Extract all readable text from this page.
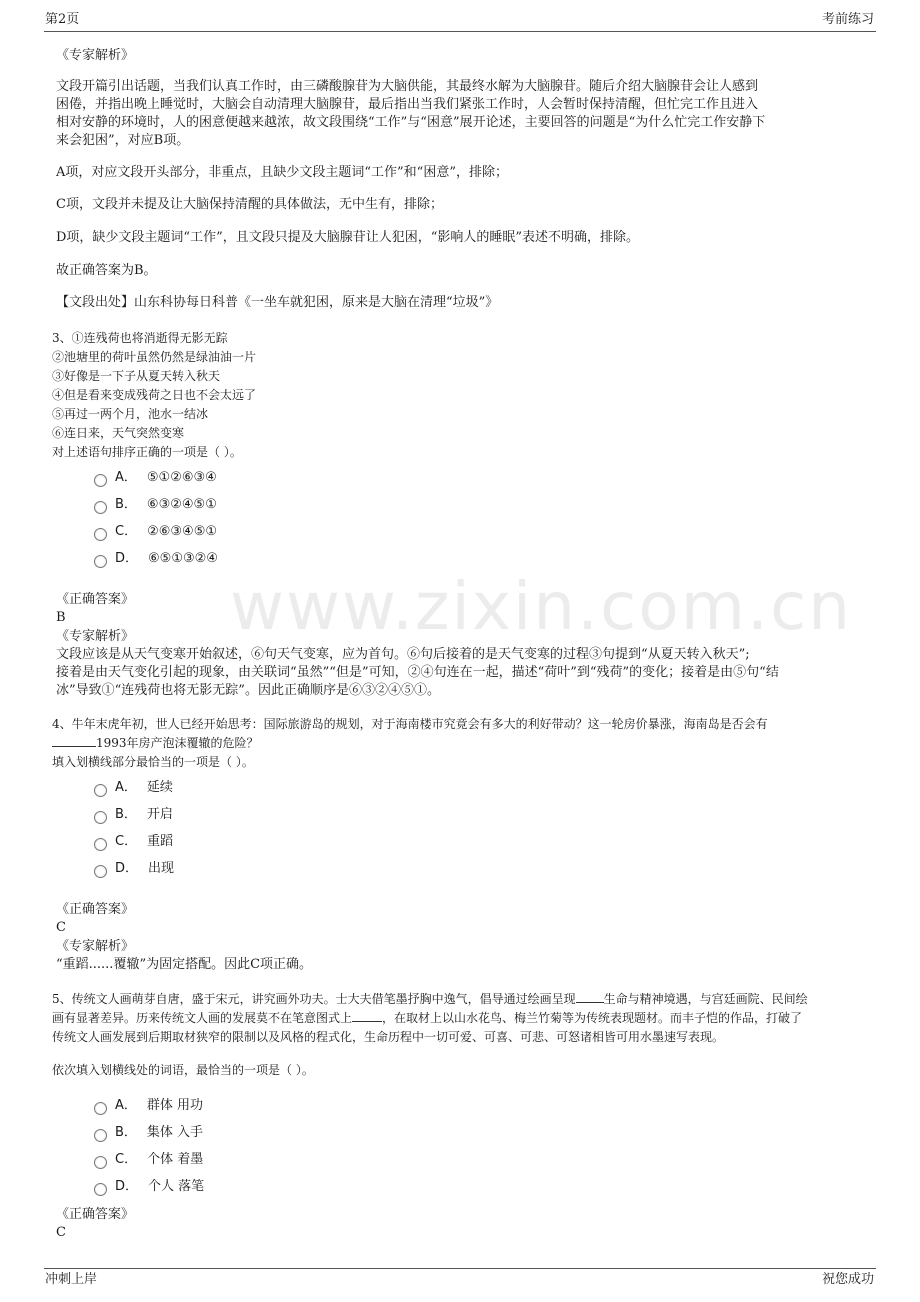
第2页	考前练习
www.zixin.com.cn
《专家解析》
文段开篇引出话题，当我们认真工作时，由三磷酸腺苷为大脑供能，其最终水解为大脑腺苷。随后介绍大脑腺苷会让人感到
困倦，并指出晚上睡觉时，大脑会自动清理大脑腺苷，最后指出当我们紧张工作时，人会暂时保持清醒，但忙完工作且进入
相对安静的环境时，人的困意便越来越浓，故文段围绕“工作”与“困意”展开论述，主要回答的问题是“为什么忙完工作安静下
来会犯困”，对应B项。
A项，对应文段开头部分，非重点，且缺少文段主题词“工作”和“困意”，排除；
C项，文段并未提及让大脑保持清醒的具体做法，无中生有，排除；
D项，缺少文段主题词“工作”，且文段只提及大脑腺苷让人犯困，“影响人的睡眠”表述不明确，排除。
故正确答案为B。
【文段出处】山东科协每日科普《一坐车就犯困，原来是大脑在清理“垃圾”》
3、①连残荷也将消逝得无影无踪
②池塘里的荷叶虽然仍然是绿油油一片
③好像是一下子从夏天转入秋天
④但是看来变成残荷之日也不会太远了
⑤再过一两个月，池水一结冰
⑥连日来，天气突然变寒
对上述语句排序正确的一项是（ ）。
A． ⑤①②⑥③④
B． ⑥③②④⑤①
C． ②⑥③④⑤①
D． ⑥⑤①③②④
《正确答案》
B
《专家解析》
文段应该是从天气变寒开始叙述，⑥句天气变寒，应为首句。⑥句后接着的是天气变寒的过程③句提到“从夏天转入秋天”;
接着是由天气变化引起的现象，由关联词“虽然”“但是”可知，②④句连在一起，描述“荷叶”到“残荷”的变化；接着是由⑤句“结
冰”导致①“连残荷也将无影无踪”。因此正确顺序是⑥③②④⑤①。
4、牛年末虎年初，世人已经开始思考：国际旅游岛的规划，对于海南楼市究竟会有多大的利好带动？这一轮房价暴涨，海南岛是否会有
1993年房产泡沫覆辙的危险？
填入划横线部分最恰当的一项是（ ）。
A． 延续
B． 开启
C． 重蹈
D． 出现
《正确答案》
C
《专家解析》
“重蹈......覆辙”为固定搭配。因此C项正确。
5、传统文人画萌芽自唐，盛于宋元，讲究画外功夫。士大夫借笔墨抒胸中逸气，倡导通过绘画呈现 生命与精神境遇，与宫廷画院、民间绘
画有显著差异。历来传统文人画的发展莫不在笔意图式上	，在取材上以山水花鸟、梅兰竹菊等为传统表现题材。而丰子恺的作品，打破了
传统文人画发展到后期取材狭窄的限制以及风格的程式化，生命历程中一切可爱、可喜、可悲、可怒诸相皆可用水墨速写表现。
依次填入划横线处的词语，最恰当的一项是（ ）。
A． 群体 用功
B． 集体 入手
C． 个体 着墨
D． 个人 落笔
《正确答案》
C
冲刺上岸	祝您成功
